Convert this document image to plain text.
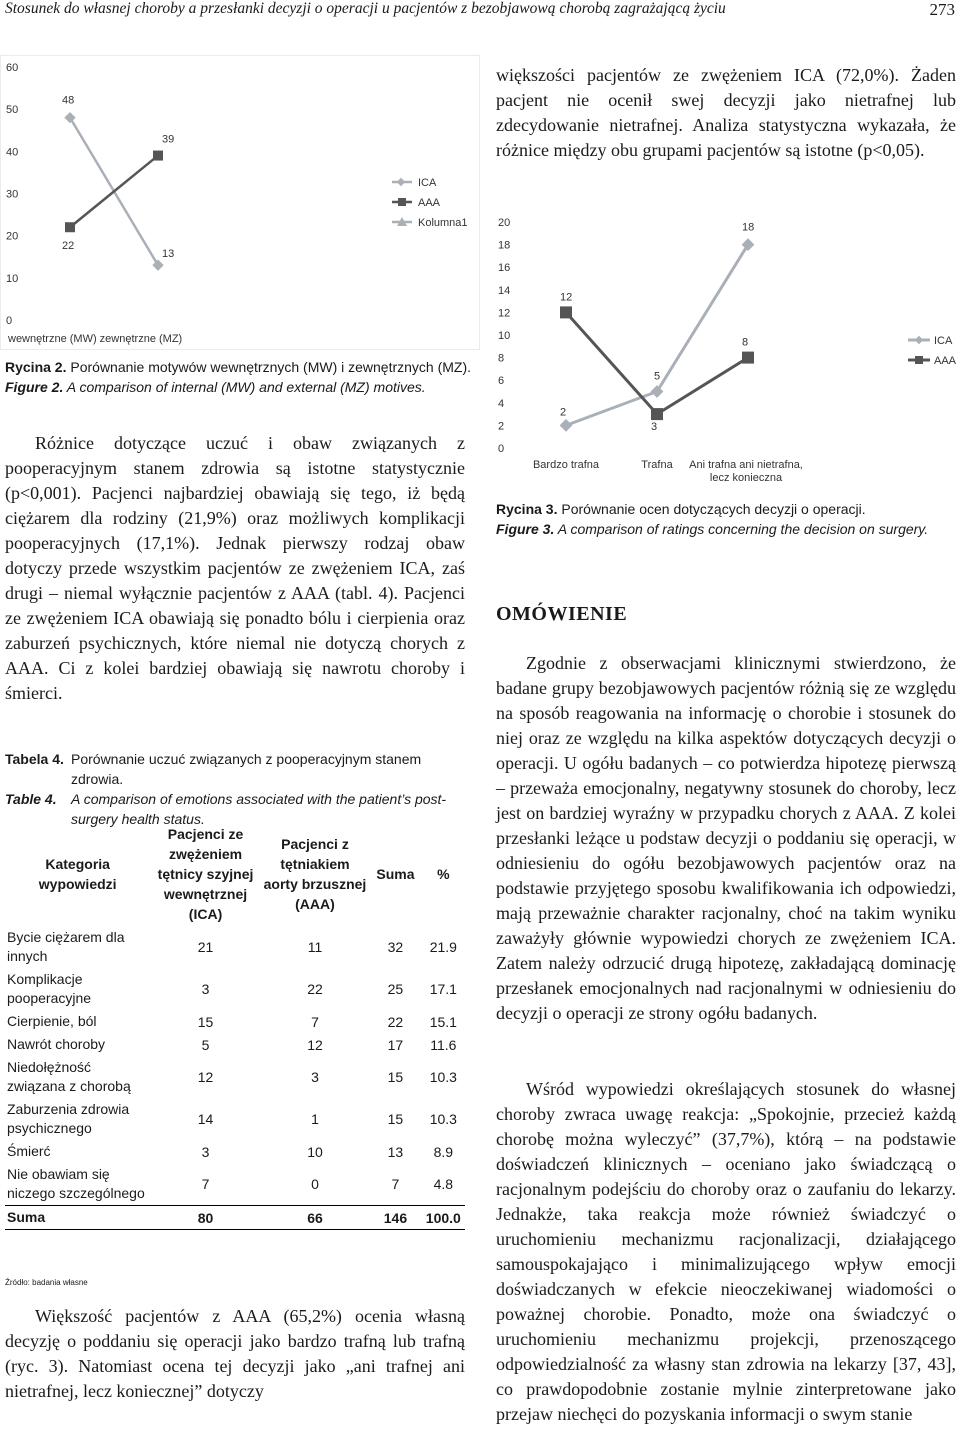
Stosunek do własnej choroby a przesłanki decyzji o operacji u pacjentów z bezobjawową chorobą zagrażającą życiu	273
0
10
20
30
40
50
60
wewnętrzne (MW) zewnętrzne (MZ)
48
13
22
39
ICA
AAA
Kolumna1
Rycina 2. Porównanie motywów wewnętrznych (MW) i zewnętrznych (MZ).
Figure 2. A comparison of internal (MW) and external (MZ) motives.
Różnice dotyczące uczuć i obaw związanych z pooperacyjnym stanem zdrowia są istotne statystycznie (p<0,001). Pacjenci najbardziej obawiają się tego, iż będą ciężarem dla rodziny (21,9%) oraz możliwych komplikacji pooperacyjnych (17,1%). Jednak pierwszy rodzaj obaw dotyczy przede wszystkim pacjentów ze zwężeniem ICA, zaś drugi – niemal wyłącznie pacjentów z AAA (tabl. 4). Pacjenci ze zwężeniem ICA obawiają się ponadto bólu i cierpienia oraz zaburzeń psychicznych, które niemal nie dotyczą chorych z AAA. Ci z kolei bardziej obawiają się nawrotu choroby i śmierci.
Tabela 4. Porównanie uczuć związanych z pooperacyjnym stanem zdrowia.
Table 4.	A comparison of emotions associated with the patient’s post-surgery health status.
Kategoria wypowiedzi	Pacjenci ze zwężeniem tętnicy szyjnej wewnętrznej (ICA)	Pacjenci z tętniakiem aorty brzusznej (AAA)	Suma	%
Bycie ciężarem dla innych	21	11	32	21.9
Komplikacje pooperacyjne	3	22	25	17.1
Cierpienie, ból	15	7	22	15.1
Nawrót choroby	5	12	17	11.6
Niedołężność związana z chorobą	12	3	15	10.3
Zaburzenia zdrowia psychicznego	14	1	15	10.3
Śmierć	3	10	13	8.9
Nie obawiam się niczego szczególnego	7	0	7	4.8
Suma	80	66	146	100.0
Źródło: badania własne
Większość pacjentów z AAA (65,2%) ocenia własną decyzję o poddaniu się operacji jako bardzo trafną lub trafną (ryc. 3). Natomiast ocena tej decyzji jako „ani trafnej ani nietrafnej, lecz koniecznej” dotyczy
większości pacjentów ze zwężeniem ICA (72,0%). Żaden pacjent nie ocenił swej decyzji jako nietrafnej lub zdecydowanie nietrafnej. Analiza statystyczna wykazała, że różnice między obu grupami pacjentów są istotne (p<0,05).
0
2
4
6
8
10
12
14
16
18
20
Bardzo trafna	Trafna Ani trafna ani nietrafna, lecz konieczna
2
5
18
12
3
8	ICA
AAA
Rycina 3. Porównanie ocen dotyczących decyzji o operacji.
Figure 3. A comparison of ratings concerning the decision on surgery.
OMÓWIENIE
Zgodnie z obserwacjami klinicznymi stwierdzono, że badane grupy bezobjawowych pacjentów różnią się ze względu na sposób reagowania na informację o chorobie i stosunek do niej oraz ze względu na kilka aspektów dotyczących decyzji o operacji. U ogółu badanych – co potwierdza hipotezę pierwszą – przeważa emocjonalny, negatywny stosunek do choroby, lecz jest on bardziej wyraźny w przypadku chorych z AAA. Z kolei przesłanki leżące u podstaw decyzji o poddaniu się operacji, w odniesieniu do ogółu bezobjawowych pacjentów oraz na podstawie przyjętego sposobu kwalifikowania ich odpowiedzi, mają przeważnie charakter racjonalny, choć na takim wyniku zaważyły głównie wypowiedzi chorych ze zwężeniem ICA. Zatem należy odrzucić drugą hipotezę, zakładającą dominację przesłanek emocjonalnych nad racjonalnymi w odniesieniu do decyzji o operacji ze strony ogółu badanych.
Wśród wypowiedzi określających stosunek do własnej choroby zwraca uwagę reakcja: „Spokojnie, przecież każdą chorobę można wyleczyć” (37,7%), którą – na podstawie doświadczeń klinicznych – oceniano jako świadczącą o racjonalnym podejściu do choroby oraz o zaufaniu do lekarzy. Jednakże, taka reakcja może również świadczyć o uruchomieniu mechanizmu racjonalizacji, działającego samouspokajająco i minimalizującego wpływ emocji doświadczanych w efekcie nieoczekiwanej wiadomości o poważnej chorobie. Ponadto, może ona świadczyć o uruchomieniu mechanizmu projekcji, przenoszącego odpowiedzialność za własny stan zdrowia na lekarzy [37, 43], co prawdopodobnie zostanie mylnie zinterpretowane jako przejaw niechęci do pozyskania informacji o swym stanie
